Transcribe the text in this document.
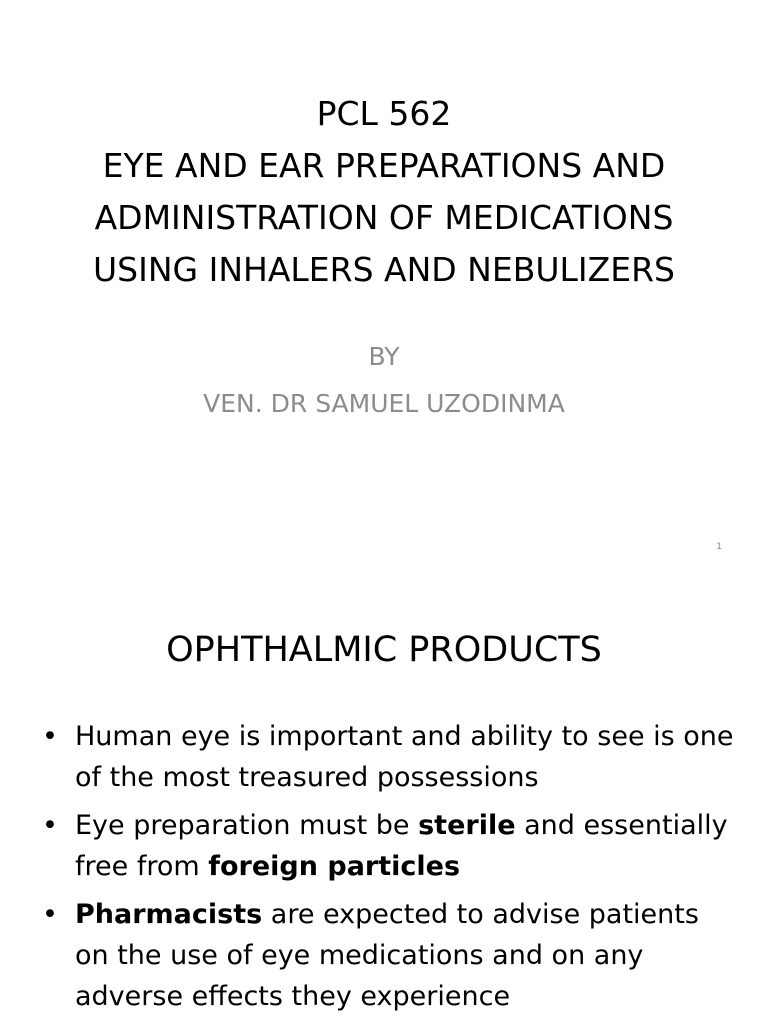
PCL 562
EYE AND EAR PREPARATIONS AND
ADMINISTRATION OF MEDICATIONS
USING INHALERS AND NEBULIZERS
BY
VEN. DR SAMUEL UZODINMA
1
OPHTHALMIC PRODUCTS
• Human eye is important and ability to see is one of the most treasured possessions
• Eye preparation must be sterile and essentially free from foreign particles
• Pharmacists are expected to advise patients on the use of eye medications and on any adverse effects they experience
